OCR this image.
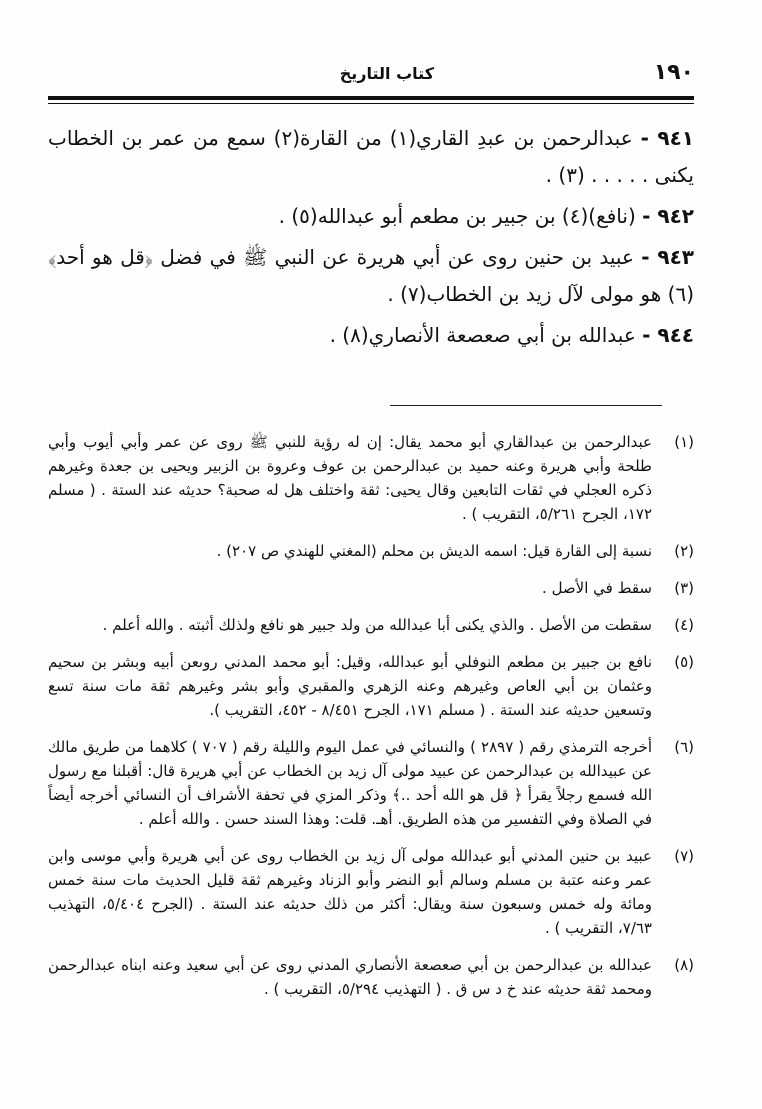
١٩٠
كتاب التاريخ

٩٤١ - عبدالرحمن بن عبدِ القاري(١) من القارة(٢) سمع من عمر بن الخطاب يكنى . . . . . (٣) .

٩٤٢ - (نافع)(٤) بن جبير بن مطعم أبو عبدالله(٥) .

٩٤٣ - عبيد بن حنين روى عن أبي هريرة عن النبي ﷺ في فضل ﴿قل هو أحد﴾(٦) هو مولى لآل زيد بن الخطاب(٧) .

٩٤٤ - عبدالله بن أبي صعصعة الأنصاري(٨) .

(١)
عبدالرحمن بن عبدالقاري أبو محمد يقال: إن له رؤية للنبي ﷺ روى عن عمر وأبي أيوب وأبي طلحة وأبي هريرة وعنه حميد بن عبدالرحمن بن عوف وعروة بن الزبير ويحيى بن جعدة وغيرهم ذكره العجلي في ثقات التابعين وقال يحيى: ثقة واختلف هل له صحبة؟ حديثه عند الستة . ( مسلم ١٧٢، الجرح ٥/٢٦١، التقريب ) .
(٢)
نسبة إلى القارة قيل: اسمه الديش بن محلم (المغني للهندي ص ٢٠٧) .
(٣)
سقط في الأصل .
(٤)
سقطت من الأصل . والذي يكنى أبا عبدالله من ولد جبير هو نافع ولذلك أثبته . والله أعلم .
(٥)
نافع بن جبير بن مطعم النوفلي أبو عبدالله، وقيل: أبو محمد المدني روىعن أبيه وبشر بن سحيم وعثمان بن أبي العاص وغيرهم وعنه الزهري والمقبري وأبو بشر وغيرهم ثقة مات سنة تسع وتسعين حديثه عند الستة . ( مسلم ١٧١، الجرح ٨/٤٥١ - ٤٥٢، التقريب ).
(٦)
أخرجه الترمذي رقم ( ٢٨٩٧ ) والنسائي في عمل اليوم والليلة رقم ( ٧٠٧ ) كلاهما من طريق مالك عن عبيدالله بن عبدالرحمن عن عبيد مولى آل زيد بن الخطاب عن أبي هريرة قال: أقبلنا مع رسول الله فسمع رجلاً يقرأ ﴿ قل هو الله أحد ..﴾ وذكر المزي في تحفة الأشراف أن النسائي أخرجه أيضاً في الصلاة وفي التفسير من هذه الطريق. أهـ. قلت: وهذا السند حسن . والله أعلم .
(٧)
عبيد بن حنين المدني أبو عبدالله مولى آل زيد بن الخطاب روى عن أبي هريرة وأبي موسى وابن عمر وعنه عتبة بن مسلم وسالم أبو النضر وأبو الزناد وغيرهم ثقة قليل الحديث مات سنة خمس ومائة وله خمس وسبعون سنة ويقال: أكثر من ذلك حديثه عند الستة . (الجرح ٥/٤٠٤، التهذيب ٧/٦٣، التقريب ) .
(٨)
عبدالله بن عبدالرحمن بن أبي صعصعة الأنصاري المدني روى عن أبي سعيد وعنه ابناه عبدالرحمن ومحمد ثقة حديثه عند خ د س ق . ( التهذيب ٥/٢٩٤، التقريب ) .
